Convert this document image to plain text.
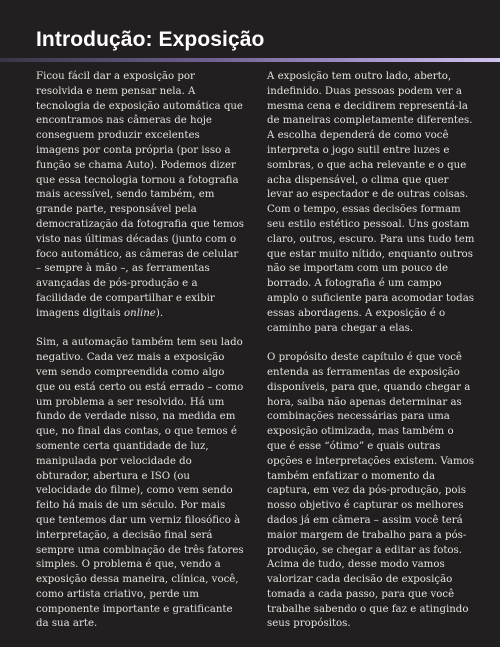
Introdução: Exposição

Ficou fácil dar a exposição por resolvida e nem pensar nela. A tecnologia de exposição automática que encontramos nas câmeras de hoje conseguem produzir excelentes imagens por conta própria (por isso a função se chama Auto). Podemos dizer que essa tecnologia tornou a fotografia mais acessível, sendo também, em grande parte, responsável pela democratização da fotografia que temos visto nas últimas décadas (junto com o foco automático, as câmeras de celular – sempre à mão –, as ferramentas avançadas de pós-produção e a facilidade de compartilhar e exibir imagens digitais online).

Sim, a automação também tem seu lado negativo. Cada vez mais a exposição vem sendo compreendida como algo que ou está certo ou está errado – como um problema a ser resolvido. Há um fundo de verdade nisso, na medida em que, no final das contas, o que temos é somente certa quantidade de luz, manipulada por velocidade do obturador, abertura e ISO (ou velocidade do filme), como vem sendo feito há mais de um século. Por mais que tentemos dar um verniz filosófico à interpretação, a decisão final será sempre uma combinação de três fatores simples. O problema é que, vendo a exposição dessa maneira, clínica, você, como artista criativo, perde um componente importante e gratificante da sua arte.

A exposição tem outro lado, aberto, indefinido. Duas pessoas podem ver a mesma cena e decidirem representá-la de maneiras completamente diferentes. A escolha dependerá de como você interpreta o jogo sutil entre luzes e sombras, o que acha relevante e o que acha dispensável, o clima que quer levar ao espectador e de outras coisas. Com o tempo, essas decisões formam seu estilo estético pessoal. Uns gostam claro, outros, escuro. Para uns tudo tem que estar muito nítido, enquanto outros não se importam com um pouco de borrado. A fotografia é um campo amplo o suficiente para acomodar todas essas abordagens. A exposição é o caminho para chegar a elas.

O propósito deste capítulo é que você entenda as ferramentas de exposição disponíveis, para que, quando chegar a hora, saiba não apenas determinar as combinações necessárias para uma exposição otimizada, mas também o que é esse “ótimo” e quais outras opções e interpretações existem. Vamos também enfatizar o momento da captura, em vez da pós-produção, pois nosso objetivo é capturar os melhores dados já em câmera – assim você terá maior margem de trabalho para a pós-produção, se chegar a editar as fotos. Acima de tudo, desse modo vamos valorizar cada decisão de exposição tomada a cada passo, para que você trabalhe sabendo o que faz e atingindo seus propósitos.
